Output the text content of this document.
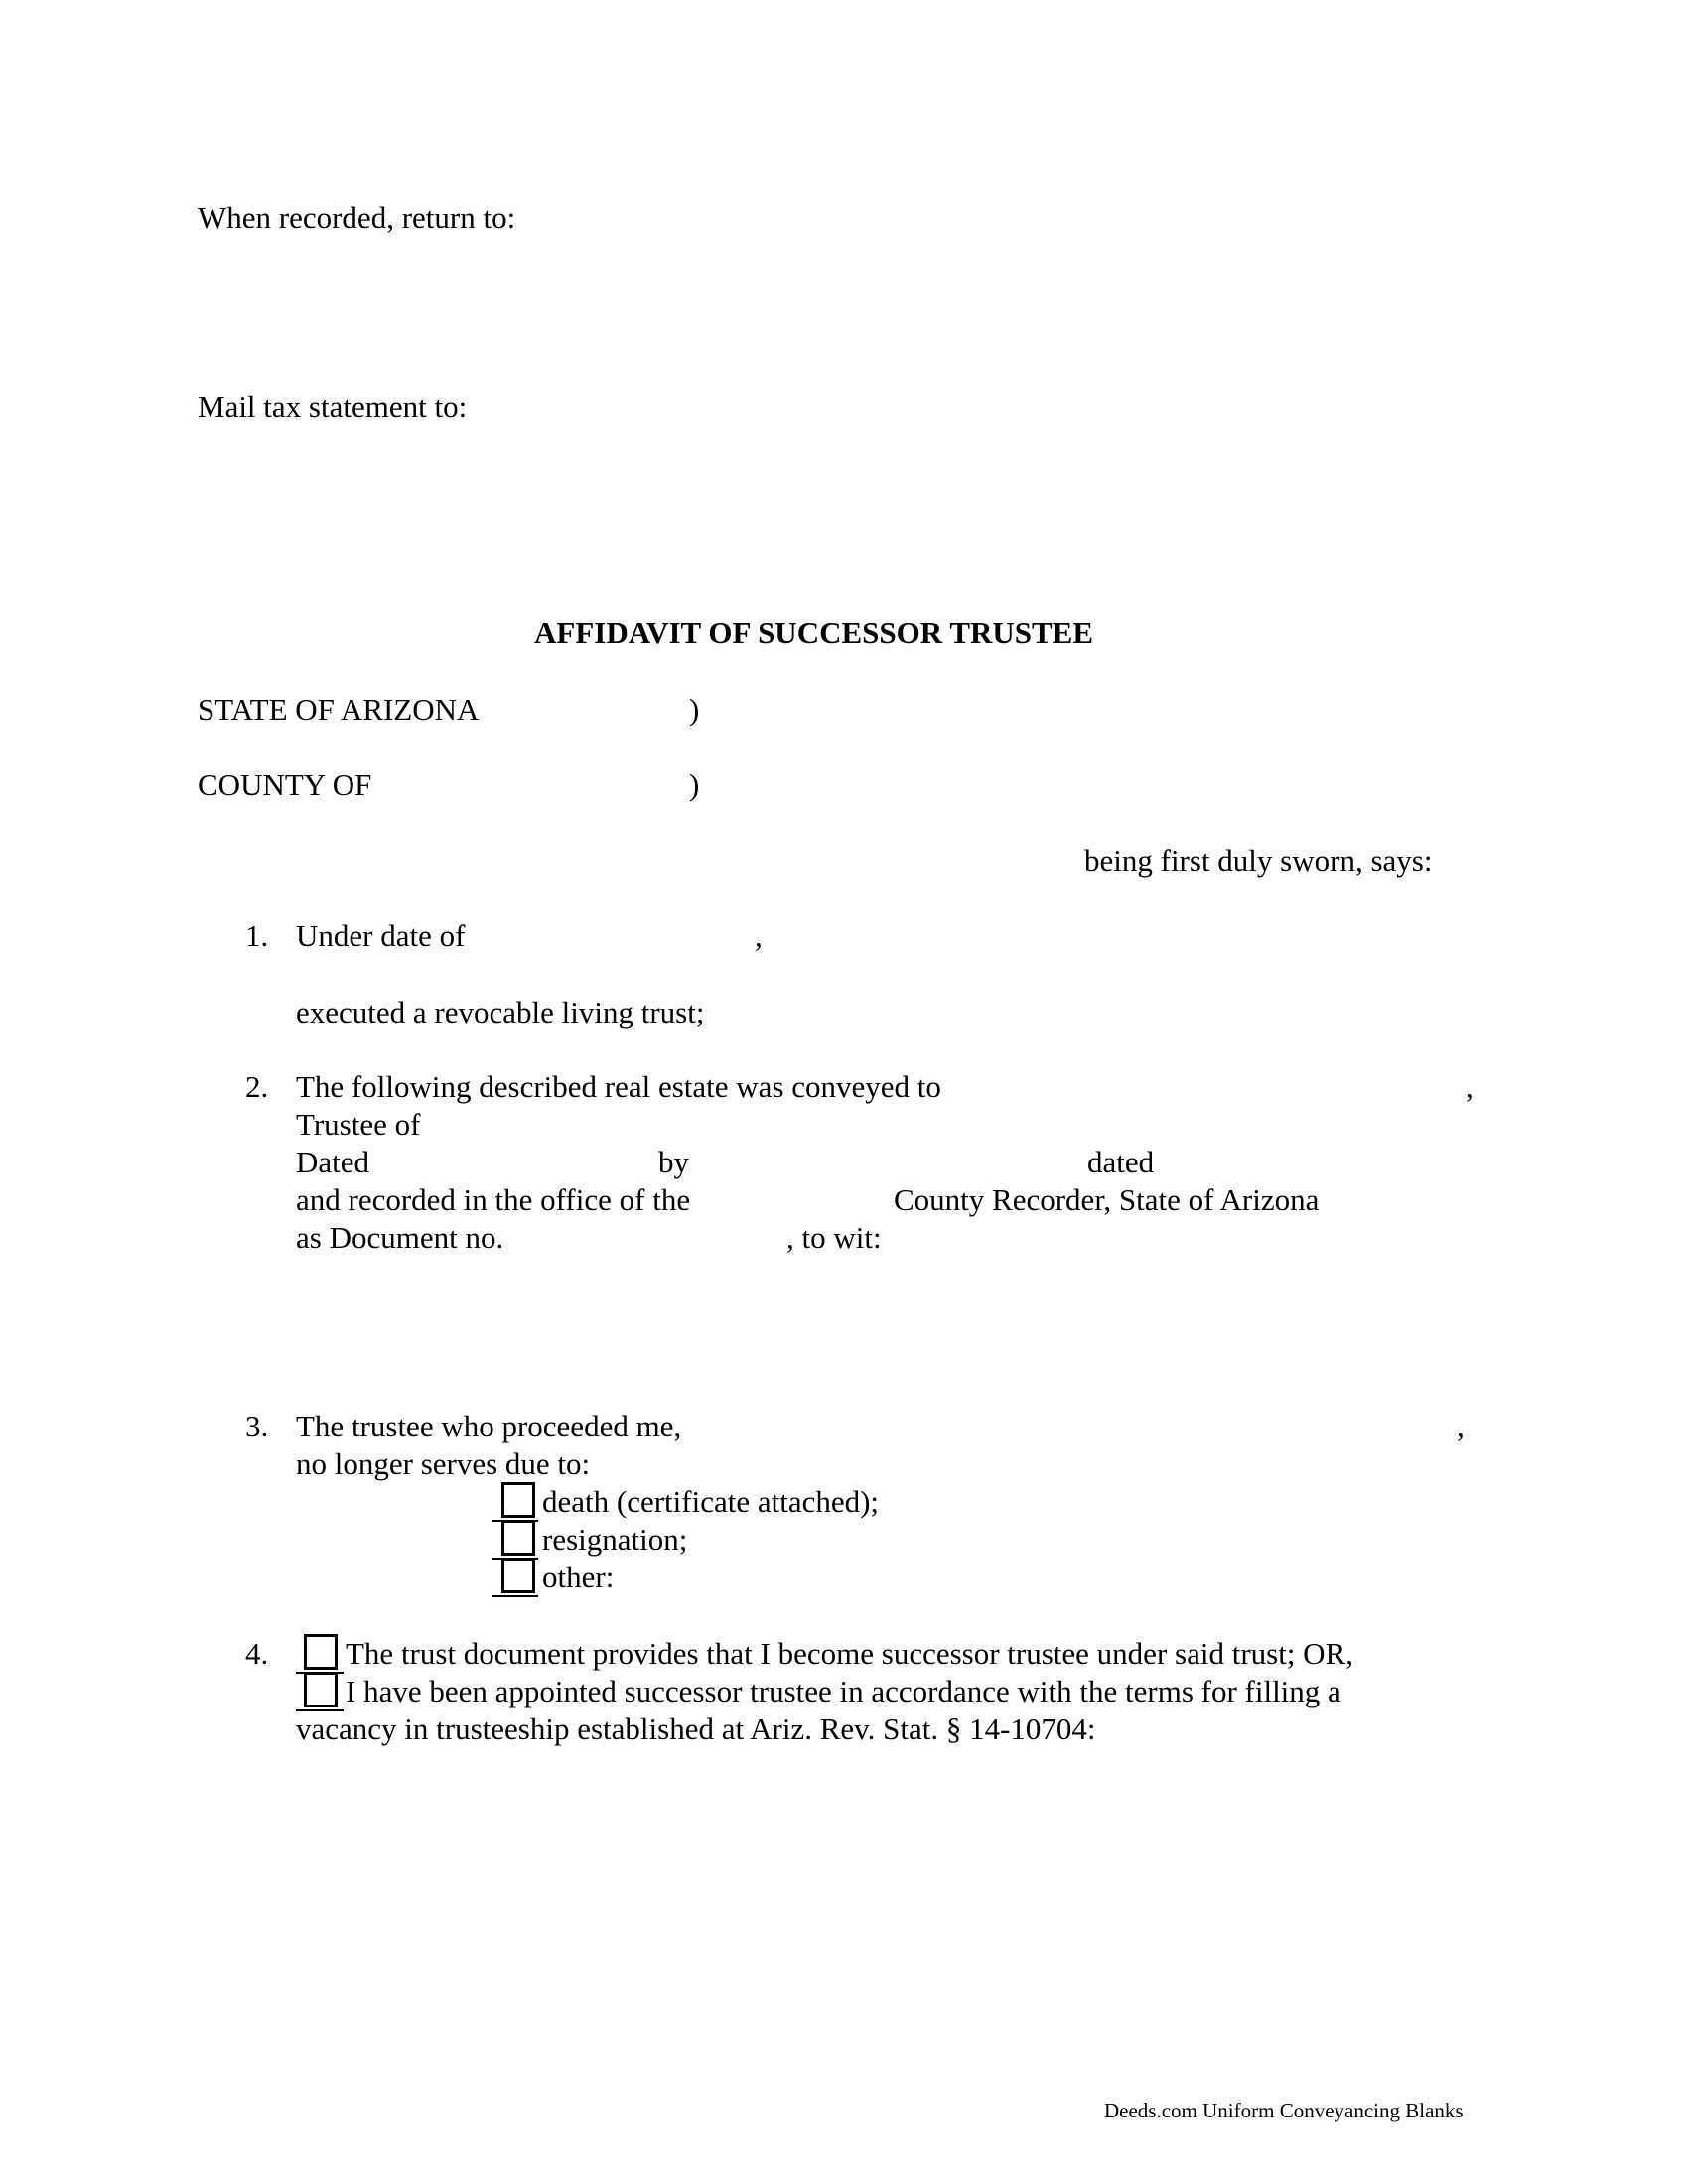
When recorded, return to:
Mail tax statement to:
AFFIDAVIT OF SUCCESSOR TRUSTEE
STATE OF ARIZONA	)
COUNTY OF	)
being first duly sworn, says:
1. Under date of	,
executed a revocable living trust;
2. The following described real estate was conveyed to	,
Trustee of
Dated	by	dated
and recorded in the office of the	County Recorder, State of Arizona
as Document no.	, to wit:
3. The trustee who proceeded me,	,
no longer serves due to:
death (certificate attached);
resignation;
other:
4.	The trust document provides that I become successor trustee under said trust; OR,
I have been appointed successor trustee in accordance with the terms for filling a
vacancy in trusteeship established at Ariz. Rev. Stat. § 14-10704:
Deeds.com Uniform Conveyancing Blanks
